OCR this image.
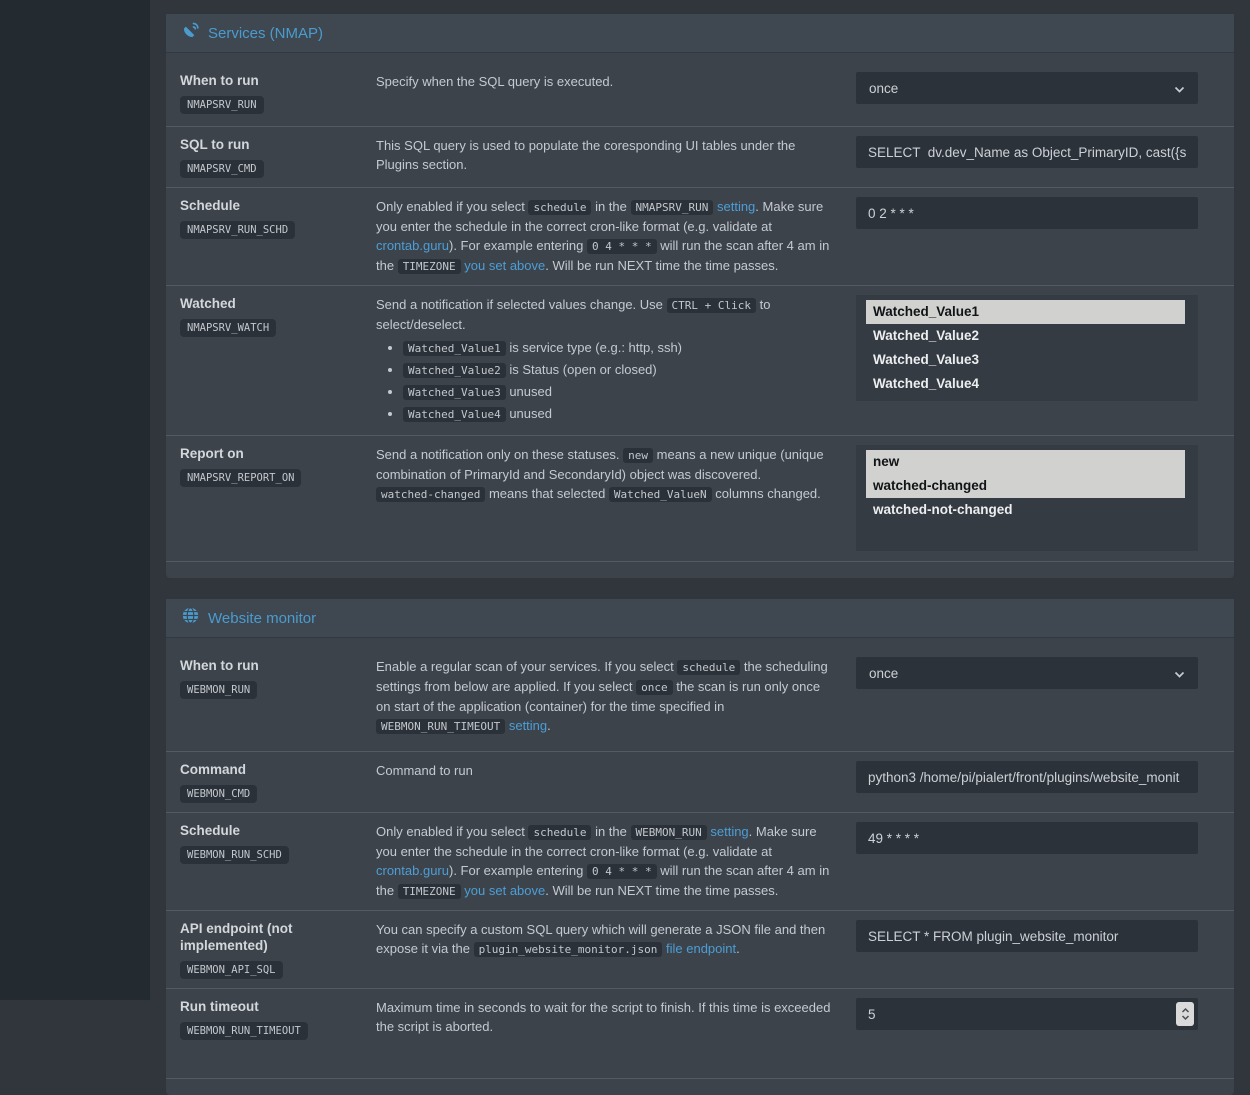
Services (NMAP)
When to run
NMAPSRV_RUN
Specify when the SQL query is executed.	once
SQL to run
NMAPSRV_CMD
This SQL query is used to populate the coresponding UI tables under the Plugins section.
SELECT dv.dev_Name as Object_PrimaryID, cast({s-quo
Schedule
NMAPSRV_RUN_SCHD
Only enabled if you select schedule in the NMAPSRV_RUN setting. Make sure you enter the schedule in the correct cron-like format (e.g. validate at crontab.guru). For example entering 0 4 * * * will run the scan after 4 am in the TIMEZONE you set above. Will be run NEXT time the time passes.
0 2 * * *
Watched
NMAPSRV_WATCH
Send a notification if selected values change. Use CTRL + Click to select/deselect.
• Watched_Value1 is service type (e.g.: http, ssh)
• Watched_Value2 is Status (open or closed)
• Watched_Value3 unused
• Watched_Value4 unused
Watched_Value1
Watched_Value2
Watched_Value3
Watched_Value4
Report on
NMAPSRV_REPORT_ON
Send a notification only on these statuses. new means a new unique (unique combination of PrimaryId and SecondaryId) object was discovered. watched-changed means that selected Watched_ValueN columns changed.
new
watched-changed
watched-not-changed
Website monitor
When to run
WEBMON_RUN
Enable a regular scan of your services. If you select schedule the scheduling settings from below are applied. If you select once the scan is run only once on start of the application (container) for the time specified in WEBMON_RUN_TIMEOUT setting.
once
Command
WEBMON_CMD
Command to run
python3 /home/pi/pialert/front/plugins/website_monit
Schedule
WEBMON_RUN_SCHD
Only enabled if you select schedule in the WEBMON_RUN setting. Make sure you enter the schedule in the correct cron-like format (e.g. validate at crontab.guru). For example entering 0 4 * * * will run the scan after 4 am in the TIMEZONE you set above. Will be run NEXT time the time passes.
49 * * * *
API endpoint (not implemented)
WEBMON_API_SQL
You can specify a custom SQL query which will generate a JSON file and then expose it via the plugin_website_monitor.json file endpoint.
SELECT * FROM plugin_website_monitor
Run timeout
WEBMON_RUN_TIMEOUT
Maximum time in seconds to wait for the script to finish. If this time is exceeded the script is aborted.
5
